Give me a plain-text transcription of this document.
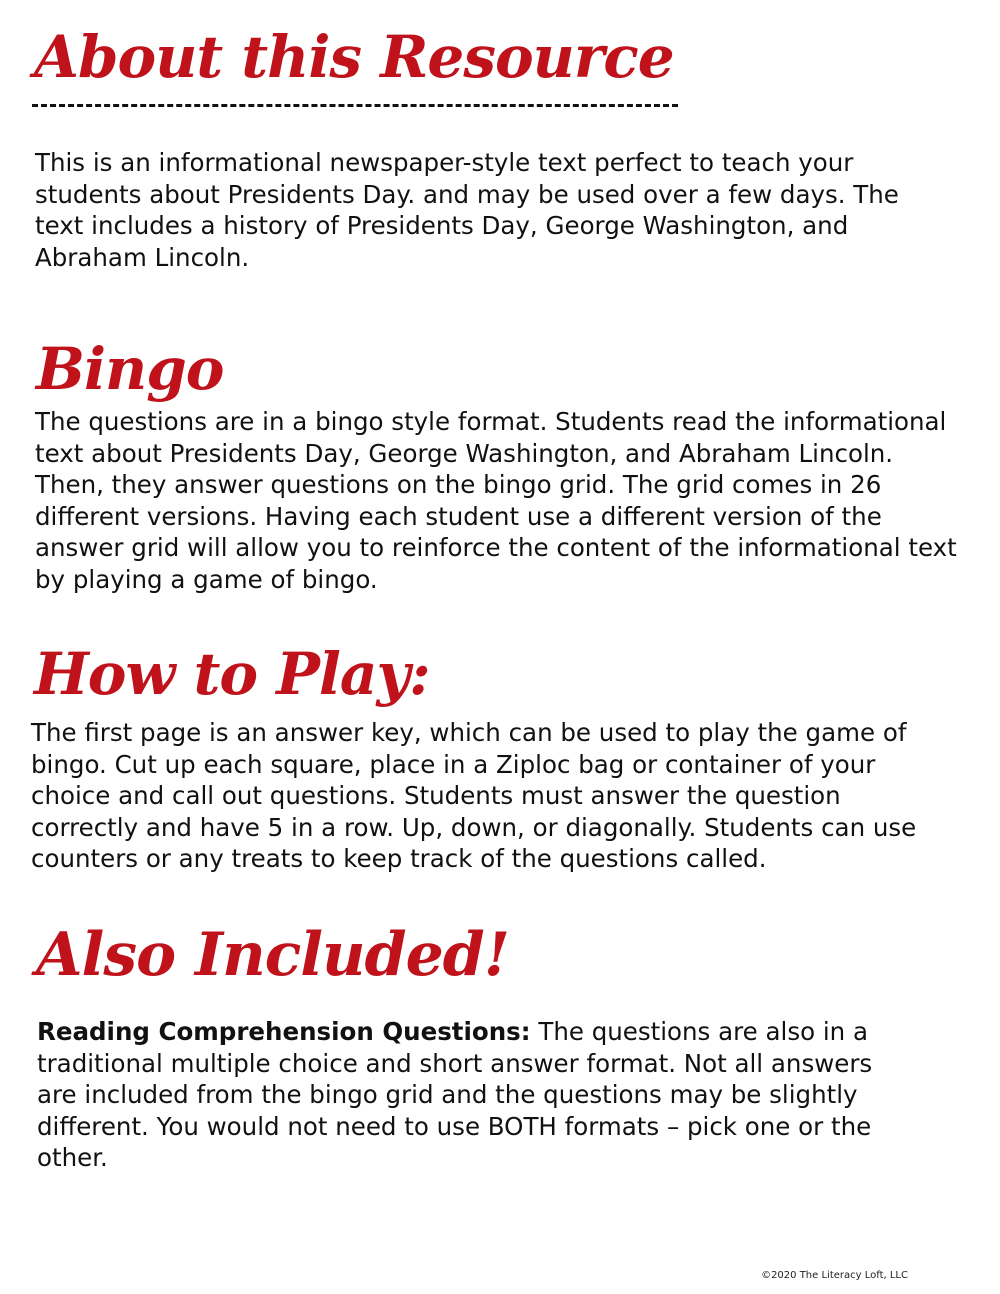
About this Resource

This is an informational newspaper-style text perfect to teach your students about Presidents Day. and may be used over a few days. The text includes a history of Presidents Day, George Washington, and Abraham Lincoln.

Bingo

The questions are in a bingo style format. Students read the informational text about Presidents Day, George Washington, and Abraham Lincoln. Then, they answer questions on the bingo grid. The grid comes in 26 different versions. Having each student use a different version of the answer grid will allow you to reinforce the content of the informational text by playing a game of bingo.

How to Play:

The first page is an answer key, which can be used to play the game of bingo. Cut up each square, place in a Ziploc bag or container of your choice and call out questions. Students must answer the question correctly and have 5 in a row. Up, down, or diagonally. Students can use counters or any treats to keep track of the questions called.

Also Included!

Reading Comprehension Questions: The questions are also in a traditional multiple choice and short answer format. Not all answers are included from the bingo grid and the questions may be slightly different. You would not need to use BOTH formats – pick one or the other.

©2020 The Literacy Loft, LLC
